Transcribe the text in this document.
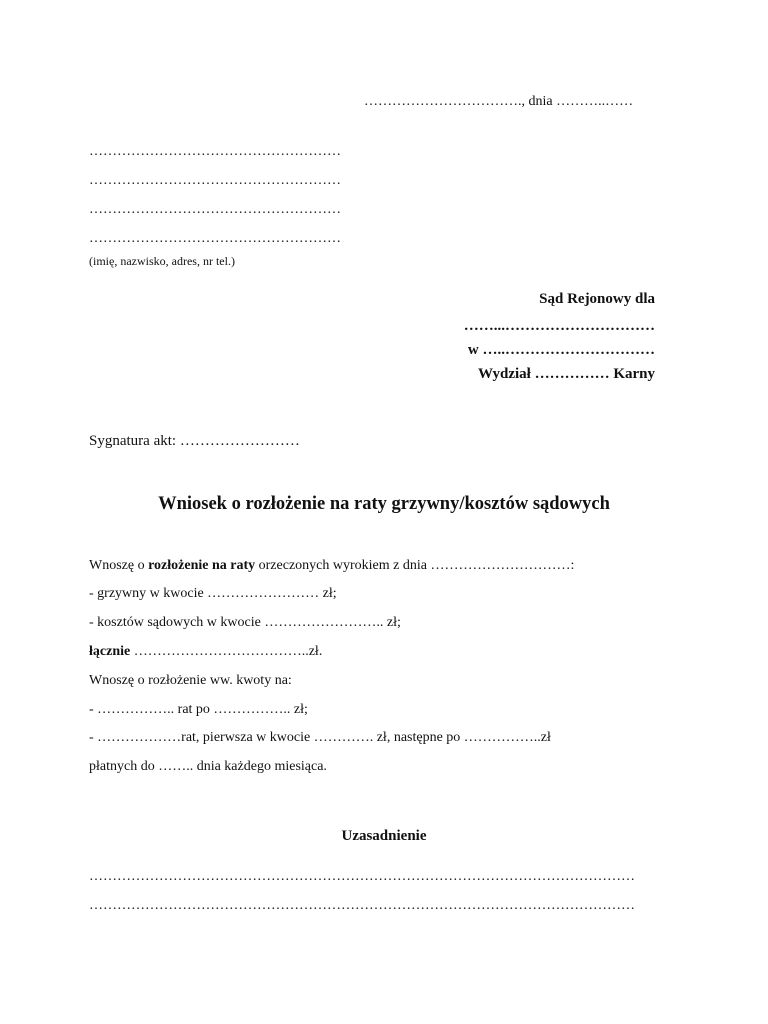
……………………………., dnia ………..……
………………………………………………
………………………………………………
………………………………………………
………………………………………………
(imię, nazwisko, adres, nr tel.)
Sąd Rejonowy dla
……...…………………………
w …..…………………………
Wydział …………… Karny
Sygnatura akt: ……………………
Wniosek o rozłożenie na raty grzywny/kosztów sądowych
Wnoszę o rozłożenie na raty orzeczonych wyrokiem z dnia …………………………:
- grzywny w kwocie …………………… zł;
- kosztów sądowych w kwocie …………………….. zł;
łącznie ………………………………..zł.
Wnoszę o rozłożenie ww. kwoty na:
- …………….. rat po …………….. zł;
- ………………rat, pierwsza w kwocie …………. zł, następne po ……………..zł
płatnych do …….. dnia każdego miesiąca.
Uzasadnienie
………………………………………………………………………………………………………
………………………………………………………………………………………………………
